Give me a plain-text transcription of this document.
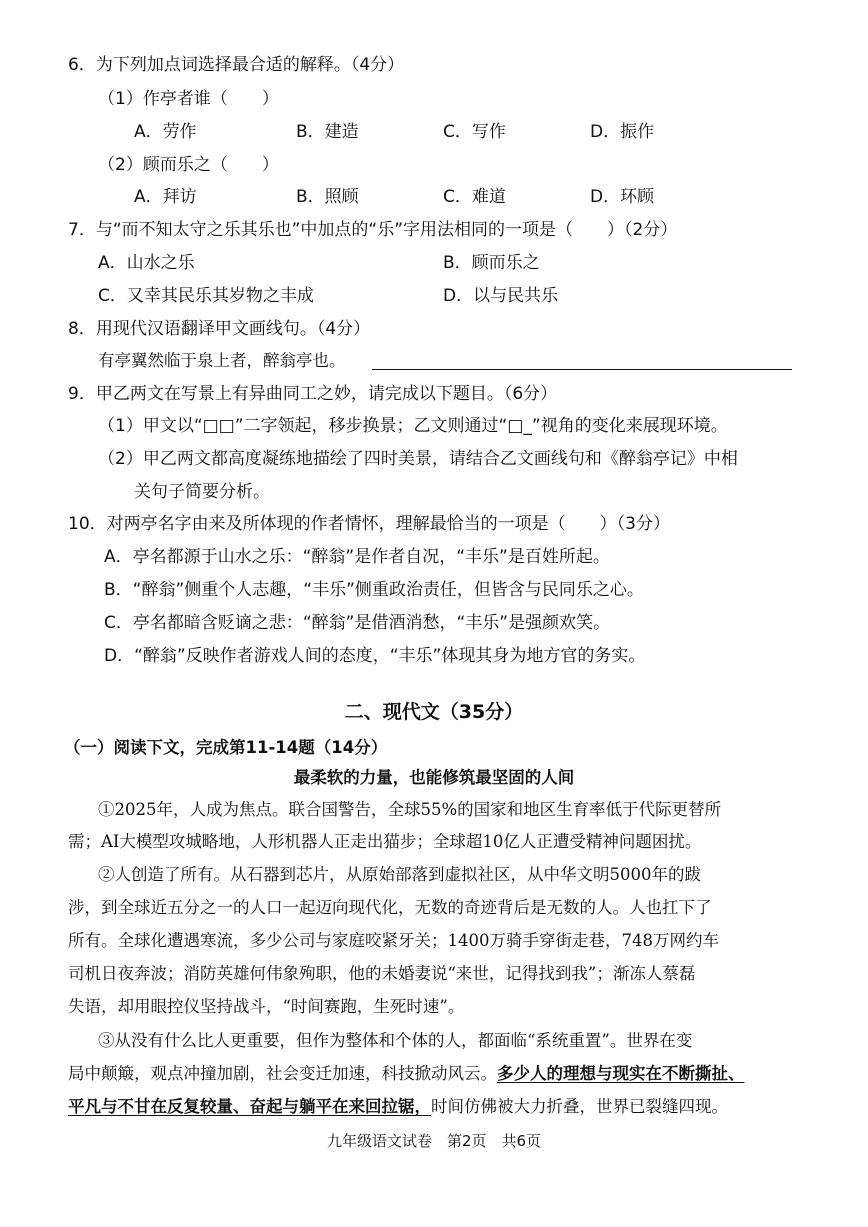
6．为下列加点词选择最合适的解释。（4分）
（1）作亭者谁（　　）
A．劳作	B．建造	C．写作	D．振作
（2）顾而乐之（　　）
A．拜访	B．照顾	C．难道	D．环顾
7．与“而不知太守之乐其乐也”中加点的“乐”字用法相同的一项是（　　）（2分）
A．山水之乐	B．顾而乐之
C．又幸其民乐其岁物之丰成	D．以与民共乐
8．用现代汉语翻译甲文画线句。（4分）
有亭翼然临于泉上者，醉翁亭也。
9．甲乙两文在写景上有异曲同工之妙，请完成以下题目。（6分）
（1）甲文以“□□”二字领起，移步换景；乙文则通过“□_”视角的变化来展现环境。
（2）甲乙两文都高度凝练地描绘了四时美景，请结合乙文画线句和《醉翁亭记》中相
关句子简要分析。
10．对两亭名字由来及所体现的作者情怀，理解最恰当的一项是（　　）（3分）
A．亭名都源于山水之乐：“醉翁”是作者自况，“丰乐”是百姓所起。
B．“醉翁”侧重个人志趣，“丰乐”侧重政治责任，但皆含与民同乐之心。
C．亭名都暗含贬谪之悲：“醉翁”是借酒消愁，“丰乐”是强颜欢笑。
D．“醉翁”反映作者游戏人间的态度，“丰乐”体现其身为地方官的务实。
二、现代文（35分）
（一）阅读下文，完成第11-14题（14分）
最柔软的力量，也能修筑最坚固的人间
①2025年，人成为焦点。联合国警告，全球55%的国家和地区生育率低于代际更替所
需；AI大模型攻城略地，人形机器人正走出猫步；全球超10亿人正遭受精神问题困扰。
②人创造了所有。从石器到芯片，从原始部落到虚拟社区，从中华文明5000年的跋
涉，到全球近五分之一的人口一起迈向现代化，无数的奇迹背后是无数的人。人也扛下了
所有。全球化遭遇寒流，多少公司与家庭咬紧牙关；1400万骑手穿街走巷，748万网约车
司机日夜奔波；消防英雄何伟象殉职，他的未婚妻说“来世，记得找到我”；渐冻人蔡磊
失语，却用眼控仪坚持战斗，“时间赛跑，生死时速”。
③从没有什么比人更重要，但作为整体和个体的人，都面临“系统重置”。世界在变
局中颠簸，观点冲撞加剧，社会变迁加速，科技掀动风云。多少人的理想与现实在不断撕扯、
平凡与不甘在反复较量、奋起与躺平在来回拉锯，时间仿佛被大力折叠，世界已裂缝四现。
九年级语文试卷　第2页　共6页
